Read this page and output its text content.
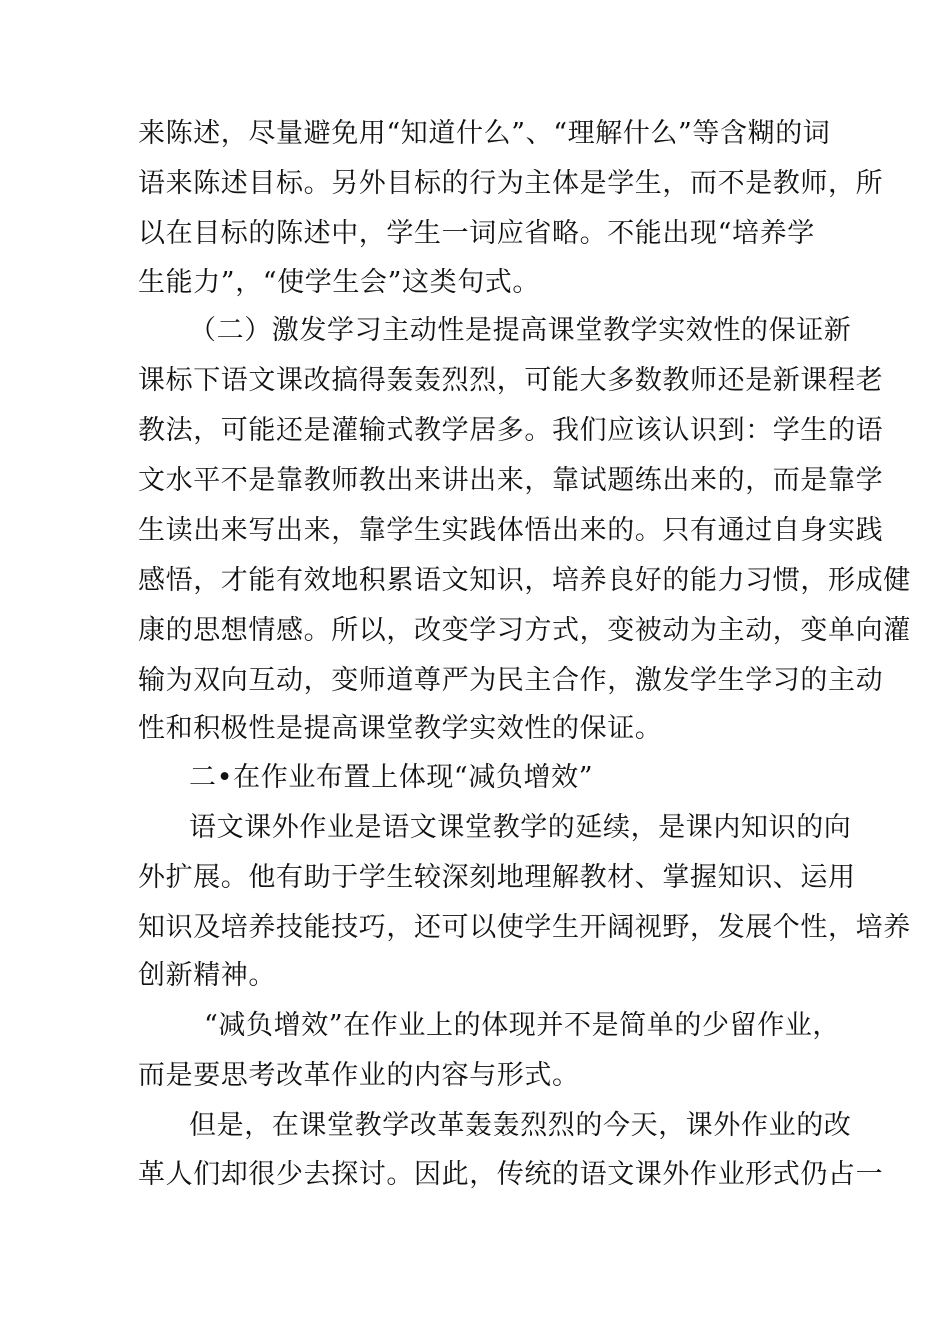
来陈述，尽量避免用“知道什么”、“理解什么”等含糊的词
语来陈述目标。另外目标的行为主体是学生，而不是教师，所
以在目标的陈述中，学生一词应省略。不能出现“培养学
生能力”，“使学生会”这类句式。
（二）激发学习主动性是提高课堂教学实效性的保证新
课标下语文课改搞得轰轰烈烈，可能大多数教师还是新课程老
教法，可能还是灌输式教学居多。我们应该认识到：学生的语
文水平不是靠教师教出来讲出来，靠试题练出来的，而是靠学
生读出来写出来，靠学生实践体悟出来的。只有通过自身实践
感悟，才能有效地积累语文知识，培养良好的能力习惯，形成健
康的思想情感。所以，改变学习方式，变被动为主动，变单向灌
输为双向互动，变师道尊严为民主合作，激发学生学习的主动
性和积极性是提高课堂教学实效性的保证。
二•在作业布置上体现“减负增效”
语文课外作业是语文课堂教学的延续，是课内知识的向
外扩展。他有助于学生较深刻地理解教材、掌握知识、运用
知识及培养技能技巧，还可以使学生开阔视野，发展个性，培养
创新精神。
“减负增效”在作业上的体现并不是简单的少留作业，
而是要思考改革作业的内容与形式。
但是，在课堂教学改革轰轰烈烈的今天，课外作业的改
革人们却很少去探讨。因此，传统的语文课外作业形式仍占一
